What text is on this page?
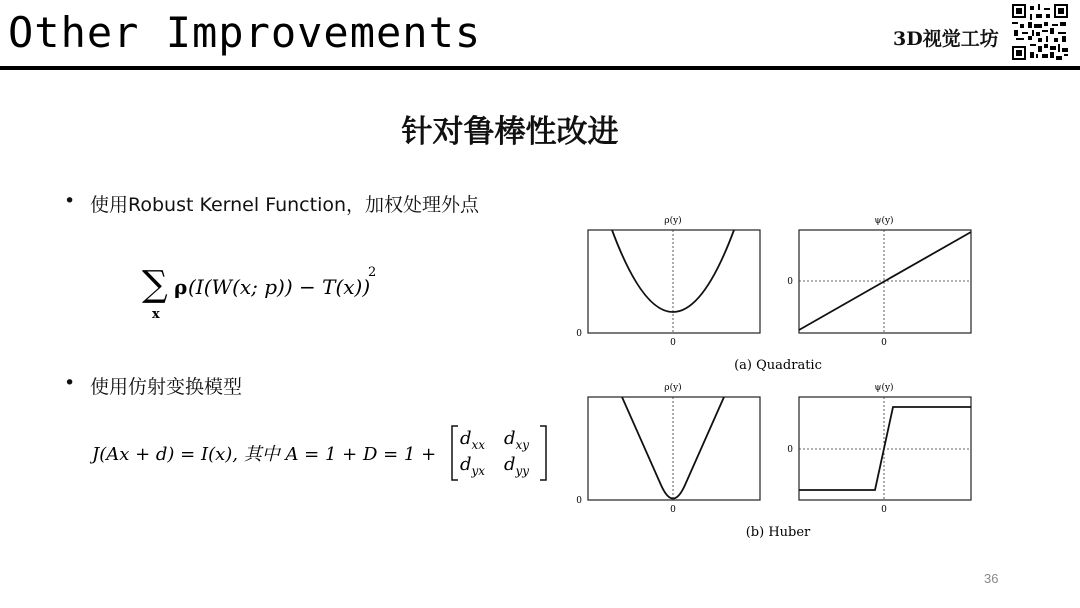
Other Improvements	3D视觉工坊
针对鲁棒性改进
• 使用Robust Kernel Function，加权处理外点
∑
x
ρ (I(W(x; p)) − T(x))
2
• 使用仿射变换模型
J(Ax + d) = I(x), 其中 A = 1 + D = 1 +
$d_{xx}$ $d_{xy}$
$d_{yx}$ $d_{yy}$
ρ(y)
0
0
ψ(y)
0
0
(a) Quadratic
ρ(y)
0
0
ψ(y)
0
0
(b) Huber
36
